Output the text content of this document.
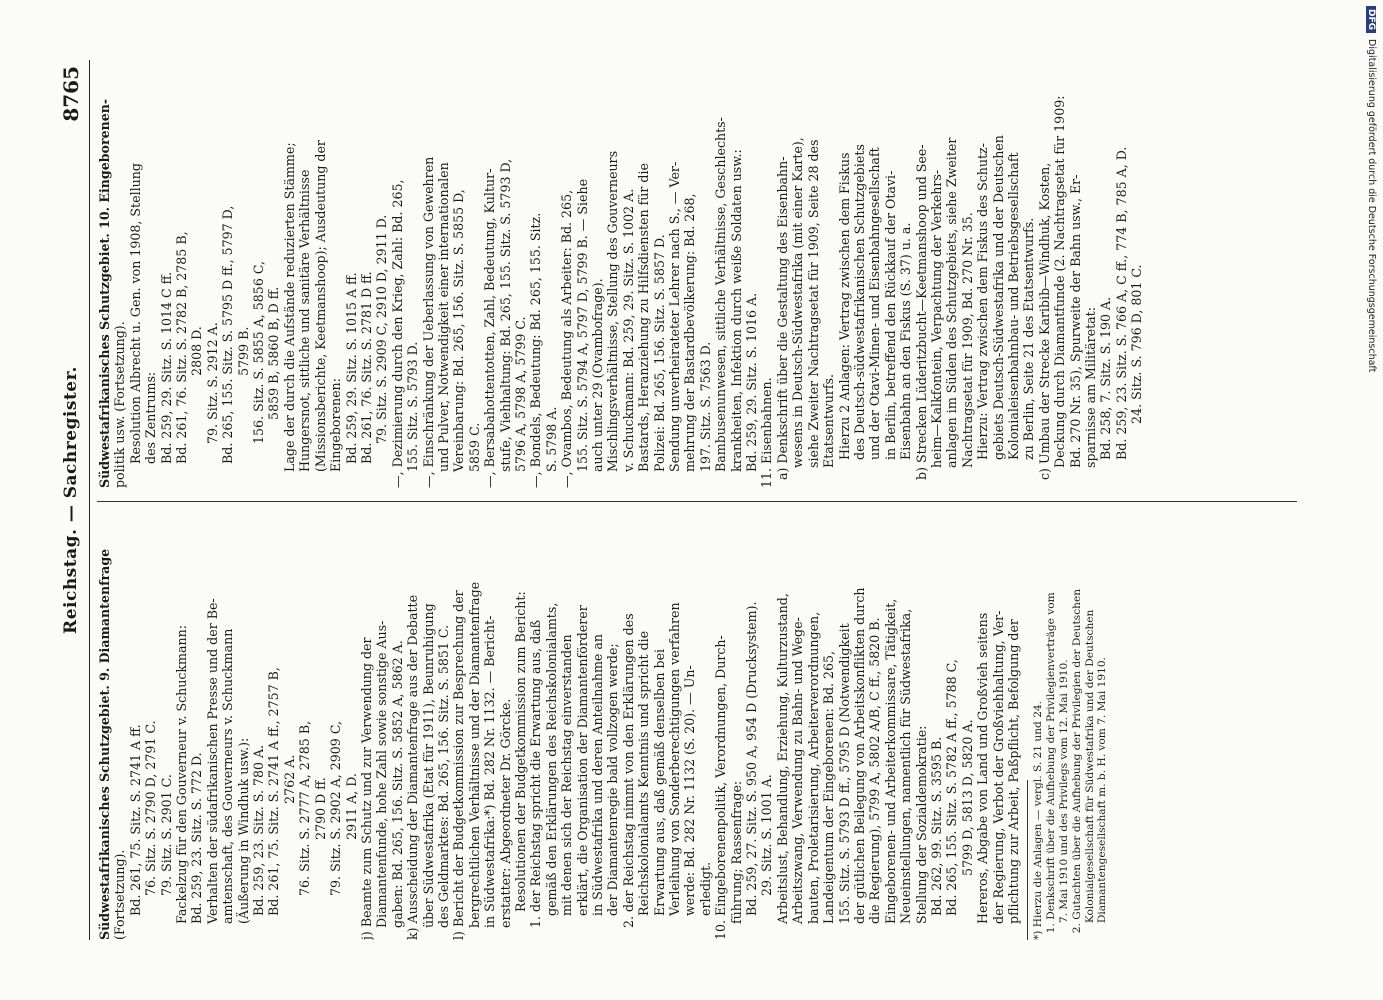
Reichstag. — Sachregister.
8765
Südwestafrikanisches Schutzgebiet. 9. Diamantenfrage (Fortsetzung). Bd. 261, 75. Sitz. S. 2741 A ff. 76. Sitz. S. 2790 D, 2791 C. 79. Sitz. S. 2901 C. Fackelzug für den Gouverneur v. Schuckmann: Bd. 259, 23. Sitz. S. 772 D. Verhalten der südafrikanischen Presse und der Be- amtenschaft, des Gouverneurs v. Schuckmann (Äußerung in Windhuk usw.): Bd. 259, 23. Sitz. S. 780 A. Bd. 261, 75. Sitz. S. 2741 A ff., 2757 B, 2762 A. 76. Sitz. S. 2777 A, 2785 B, 2790 D ff. 79. Sitz. S. 2902 A, 2909 C, 2911 A, D. j) Beamte zum Schutz und zur Verwendung der Diamantenfunde, hohe Zahl sowie sonstige Aus- gaben: Bd. 265, 156. Sitz. S. 5852 A, 5862 A. k) Ausscheidung der Diamantenfrage aus der Debatte über Südwestafrika (Etat für 1911), Beunruhigung des Geldmarktes: Bd. 265, 156. Sitz. S. 5851 C. l) Bericht der Budgetkommission zur Besprechung der bergrechtlichen Verhältnisse und der Diamantenfrage in Südwestafrika:*) Bd. 282 Nr. 1132. — Bericht- erstatter: Abgeordneter Dr. Görcke. Resolutionen der Budgetkommission zum Bericht: 1. der Reichstag spricht die Erwartung aus, daß gemäß den Erklärungen des Reichskolonialamts, mit denen sich der Reichstag einverstanden erklärt, die Organisation der Diamantenförderer in Südwestafrika und deren Anteilnahme an der Diamantenregie bald vollzogen werde; 2. der Reichstag nimmt von den Erklärungen des Reichskolonialamts Kenntnis und spricht die Erwartung aus, daß gemäß denselben bei Verleihung von Sonderberechtigungen verfahren werde: Bd. 282 Nr. 1132 (S. 20). — Un- erledigt. 10. Eingeborenenpolitik, Verordnungen, Durch- führung; Rassenfrage: Bd. 259, 27. Sitz. S. 950 A, 954 D (Drucksystem). 29. Sitz. S. 1001 A. Arbeitslust, Behandlung, Erziehung, Kulturzustand, Arbeitszwang, Verwendung zu Bahn- und Wege- bauten, Proletarisierung, Arbeiterverordnungen, Landeigentum der Eingeborenen: Bd. 265, 155. Sitz. S. 5793 D ff., 5795 D (Notwendigkeit der gütlichen Beilegung von Arbeitskonflikten durch die Regierung), 5799 A, 5802 A/B, C ff., 5820 B. Eingeborenen- und Arbeiterkommissare, Tätigkeit, Neueinstellungen, namentlich für Südwestafrika, Stellung der Sozialdemokratie: Bd. 262, 99. Sitz. S. 3595 B. Bd. 265, 155. Sitz. S. 5782 A ff., 5788 C, 5799 D, 5813 D, 5820 A. Hereros, Abgabe von Land und Großvieh seitens der Regierung, Verbot der Großviehhaltung, Ver- pflichtung zur Arbeit, Paßpflicht, Befolgung der *) Hierzu die Anlagen — vergl. S. 21 und 24. 1. Denkschrift über die Aufhebung der Privilegienverträge vom 7. Mai 1910 und des Privilegs vom 12. Mai 1910. 2. Gutachten über die Aufhebung der Privilegien der Deutschen Kolonialgesellschaft für Südwestafrika und der Deutschen Diamantengesellschaft m. b. H. vom 7. Mai 1910.
Südwestafrikanisches Schutzgebiet. 10. Eingeborenen- politik usw. (Fortsetzung). Resolution Albrecht u. Gen. von 1908, Stellung des Zentrums: Bd. 259, 29. Sitz. S. 1014 C ff. Bd. 261, 76. Sitz. S. 2782 B, 2785 B, 2808 D. 79. Sitz. S. 2912 A. Bd. 265, 155. Sitz. S. 5795 D ff., 5797 D, 5799 B. 156. Sitz. S. 5855 A, 5856 C, 5859 B, 5860 B, D ff. Lage der durch die Aufstände reduzierten Stämme; Hungersnot, sittliche und sanitäre Verhältnisse (Missionsberichte, Keetmanshoop); Ausdeutung der Eingeborenen: Bd. 259, 29. Sitz. S. 1015 A ff. Bd. 261, 76. Sitz. S. 2781 D ff. 79. Sitz. S. 2909 C, 2910 D, 2911 D. —, Dezimierung durch den Krieg, Zahl: Bd. 265, 155. Sitz. S. 5793 D. —, Einschränkung der Ueberlassung von Gewehren und Pulver, Notwendigkeit einer internationalen Vereinbarung: Bd. 265, 156. Sitz. S. 5855 D, 5859 C. —, Bersabahottentotten, Zahl, Bedeutung, Kultur- stufe, Viehhaltung: Bd. 265, 155. Sitz. S. 5793 D, 5796 A, 5798 A, 5799 C. —, Bondels, Bedeutung: Bd. 265, 155. Sitz. S. 5798 A. —, Ovambos, Bedeutung als Arbeiter: Bd. 265, 155. Sitz. S. 5794 A, 5797 D, 5799 B. — Siehe auch unter 29 (Ovambofrage). Mischlingsverhältnisse, Stellung des Gouverneurs v. Schuckmann: Bd. 259, 29. Sitz. S. 1002 A. Bastards, Heranziehung zu Hilfsdiensten für die Polizei: Bd. 265, 156. Sitz. S. 5857 D. Sendung unverheirateter Lehrer nach S., — Ver- mehrung der Bastardbevölkerung: Bd. 268, 197. Sitz. S. 7563 D. Bambusenunwesen, sittliche Verhältnisse, Geschlechts- krankheiten, Infektion durch weiße Soldaten usw.: Bd. 259, 29. Sitz. S. 1016 A. 11. Eisenbahnen. a) Denkschrift über die Gestaltung des Eisenbahn- wesens in Deutsch-Südwestafrika (mit einer Karte), siehe Zweiter Nachtragsetat für 1909, Seite 28 des Etatsentwurfs. Hierzu 2 Anlagen: Vertrag zwischen dem Fiskus des Deutsch-südwestafrikanischen Schutzgebiets und der Otavi-Minen- und Eisenbahngesellschaft in Berlin, betreffend den Rückkauf der Otavi- Eisenbahn an den Fiskus (S. 37) u. a. b) Strecken Lüderitzbucht—Keetmanshoop und See- heim—Kalkfontein, Verpachtung der Verkehrs- anlagen im Süden des Schutzgebiets, siehe Zweiter Nachtragsetat für 1909, Bd. 270 Nr. 35. Hierzu: Vertrag zwischen dem Fiskus des Schutz- gebiets Deutsch-Südwestafrika und der Deutschen Kolonialeisenbahnbau- und Betriebsgesellschaft zu Berlin, Seite 21 des Etatsentwurfs. c) Umbau der Strecke Karibib—Windhuk, Kosten, Deckung durch Diamantfunde (2. Nachtragsetat für 1909: Bd. 270 Nr. 35), Spurweite der Bahn usw., Er- sparnisse am Militäretat: Bd. 258, 7. Sitz. S. 190 A. Bd. 259, 23. Sitz. S. 766 A, C ff., 774 B, 785 A, D. 24. Sitz. S. 796 D, 801 C.
DFGDigitalisierung gefördert durch die Deutsche Forschungsgemeinschaft
